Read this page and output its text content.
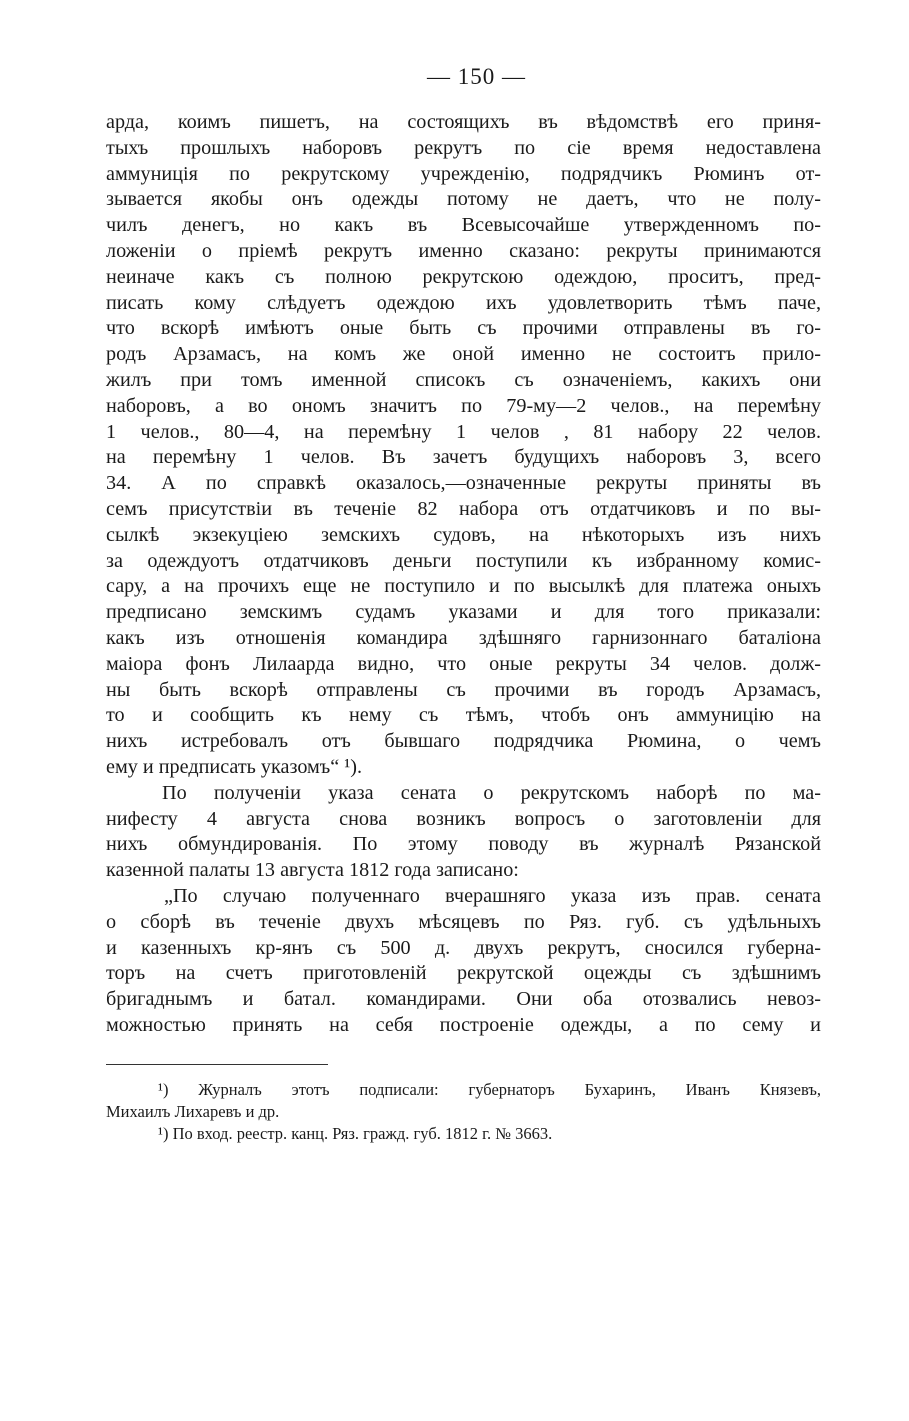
— 150 —
арда, коимъ пишетъ, на состоящихъ въ вѣдомствѣ его приня-
тыхъ прошлыхъ наборовъ рекрутъ по сіе время недоставлена
аммуниція по рекрутскому учрежденію, подрядчикъ Рюминъ от-
зывается якобы онъ одежды потому не даетъ, что не полу-
чилъ денегъ, но какъ въ Всевысочайше утвержденномъ по-
ложеніи о пріемѣ рекрутъ именно сказано: рекруты принимаются
неиначе какъ съ полною рекрутскою одеждою, проситъ, пред-
писать кому слѣдуетъ одеждою ихъ удовлетворить тѣмъ паче,
что вскорѣ имѣютъ оные быть съ прочими отправлены въ го-
родъ Арзамасъ, на комъ же оной именно не состоитъ прило-
жилъ при томъ именной списокъ съ означеніемъ, какихъ они
наборовъ, а во ономъ значитъ по 79-му—2 челов., на перемѣну
1 челов., 80—4, на перемѣну 1 челов , 81 набору 22 челов.
на перемѣну 1 челов. Въ зачетъ будущихъ наборовъ 3, всего
34. А по справкѣ оказалось,—означенные рекруты приняты въ
семъ присутствіи въ теченіе 82 набора отъ отдатчиковъ и по вы-
сылкѣ экзекуціею земскихъ судовъ, на нѣкоторыхъ изъ нихъ
за одеждуотъ отдатчиковъ деньги поступили къ избранному комис-
сару, а на прочихъ еще не поступило и по высылкѣ для платежа оныхъ
предписано земскимъ судамъ указами и для того приказали:
какъ изъ отношенія командира здѣшняго гарнизоннаго баталіона
маіора фонъ Лилаарда видно, что оные рекруты 34 челов. долж-
ны быть вскорѣ отправлены съ прочими въ городъ Арзамасъ,
то и сообщить къ нему съ тѣмъ, чтобъ онъ аммуницію на
нихъ истребовалъ отъ бывшаго подрядчика Рюмина, о чемъ
ему и предписать указомъ“ ¹).
По полученіи указа сената о рекрутскомъ наборѣ по ма-
нифесту 4 августа снова возникъ вопросъ о заготовленіи для
нихъ обмундированія. По этому поводу въ журналѣ Рязанской
казенной палаты 13 августа 1812 года записано:
„По случаю полученнаго вчерашняго указа изъ прав. сената
о сборѣ въ теченіе двухъ мѣсяцевъ по Ряз. губ. съ удѣльныхъ
и казенныхъ кр-янъ съ 500 д. двухъ рекрутъ, сносился губерна-
торъ на счетъ приготовленій рекрутской оцежды съ здѣшнимъ
бригаднымъ и батал. командирами. Они оба отозвались невоз-
можностью принять на себя построеніе одежды, а по сему и
¹) Журналъ этотъ подписали: губернаторъ Бухаринъ, Иванъ Князевъ,
Михаилъ Лихаревъ и др.
¹) По вход. реестр. канц. Ряз. гражд. губ. 1812 г. № 3663.
